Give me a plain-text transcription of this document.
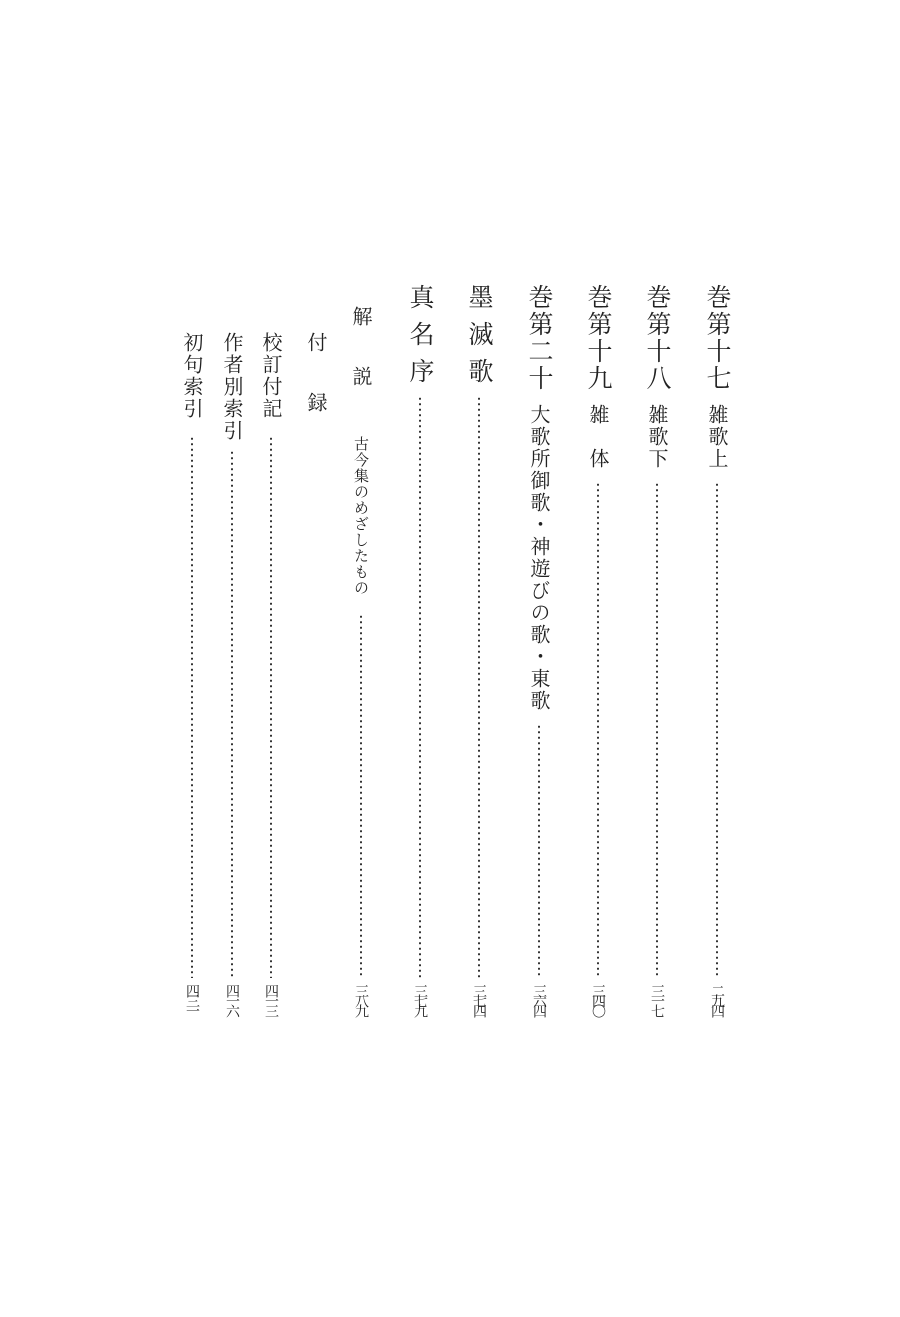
巻第十七
雑歌上
二九四
巻第十八
雑歌下
三一七
巻第十九
雑　体
三四〇
巻第二十
大歌所御歌・神遊びの歌・東歌
三六四
墨滅歌
三七四
真名序
三七九
解　説
古今集のめざしたもの
三八九
付　録
校訂付記
四一三
作者別索引
四一六
初句索引
四三一
